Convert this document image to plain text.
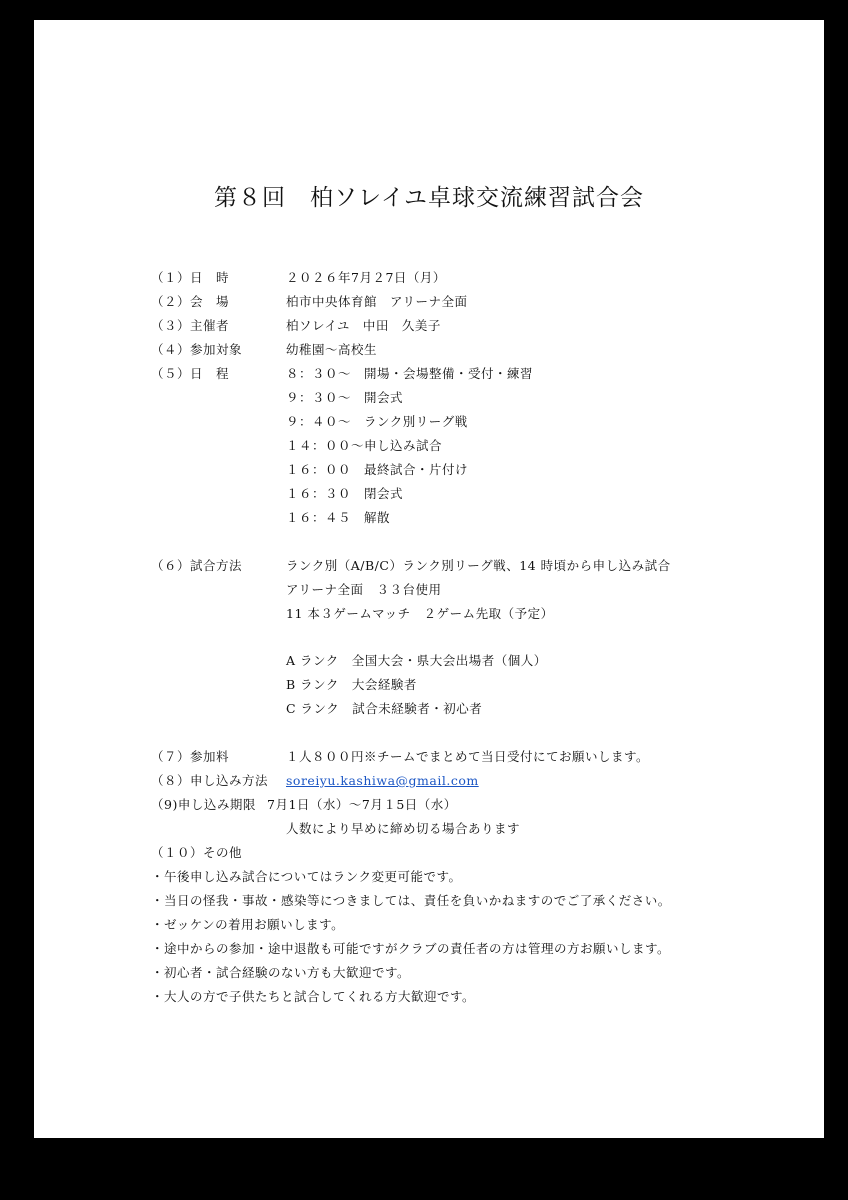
第８回　柏ソレイユ卓球交流練習試合会
（１）日　時	２０２６年7月２7日（月）
（２）会　場	柏市中央体育館　アリーナ全面
（３）主催者	柏ソレイユ　中田　久美子
（４）参加対象	幼稚園～高校生
（５）日　程	８：３０～　開場・会場整備・受付・練習
９：３０～　開会式
９：４０～　ランク別リーグ戦
１４：００～申し込み試合
１６：００　最終試合・片付け
１６：３０　閉会式
１６：４５　解散
（６）試合方法	ランク別（A/B/C）ランク別リーグ戦、14 時頃から申し込み試合
アリーナ全面　３３台使用
11 本３ゲームマッチ　２ゲーム先取（予定）
A ランク　全国大会・県大会出場者（個人）
B ランク　大会経験者
C ランク　試合未経験者・初心者
（７）参加料	１人８００円※チームでまとめて当日受付にてお願いします。
（８）申し込み方法 soreiyu.kashiwa@gmail.com
（9)申し込み期限 7月1日（水）～7月１5日（水）
人数により早めに締め切る場合あります
（１０）その他
・午後申し込み試合についてはランク変更可能です。
・当日の怪我・事故・感染等につきましては、責任を負いかねますのでご了承ください。
・ゼッケンの着用お願いします。
・途中からの参加・途中退散も可能ですがクラブの責任者の方は管理の方お願いします。
・初心者・試合経験のない方も大歓迎です。
・大人の方で子供たちと試合してくれる方大歓迎です。
